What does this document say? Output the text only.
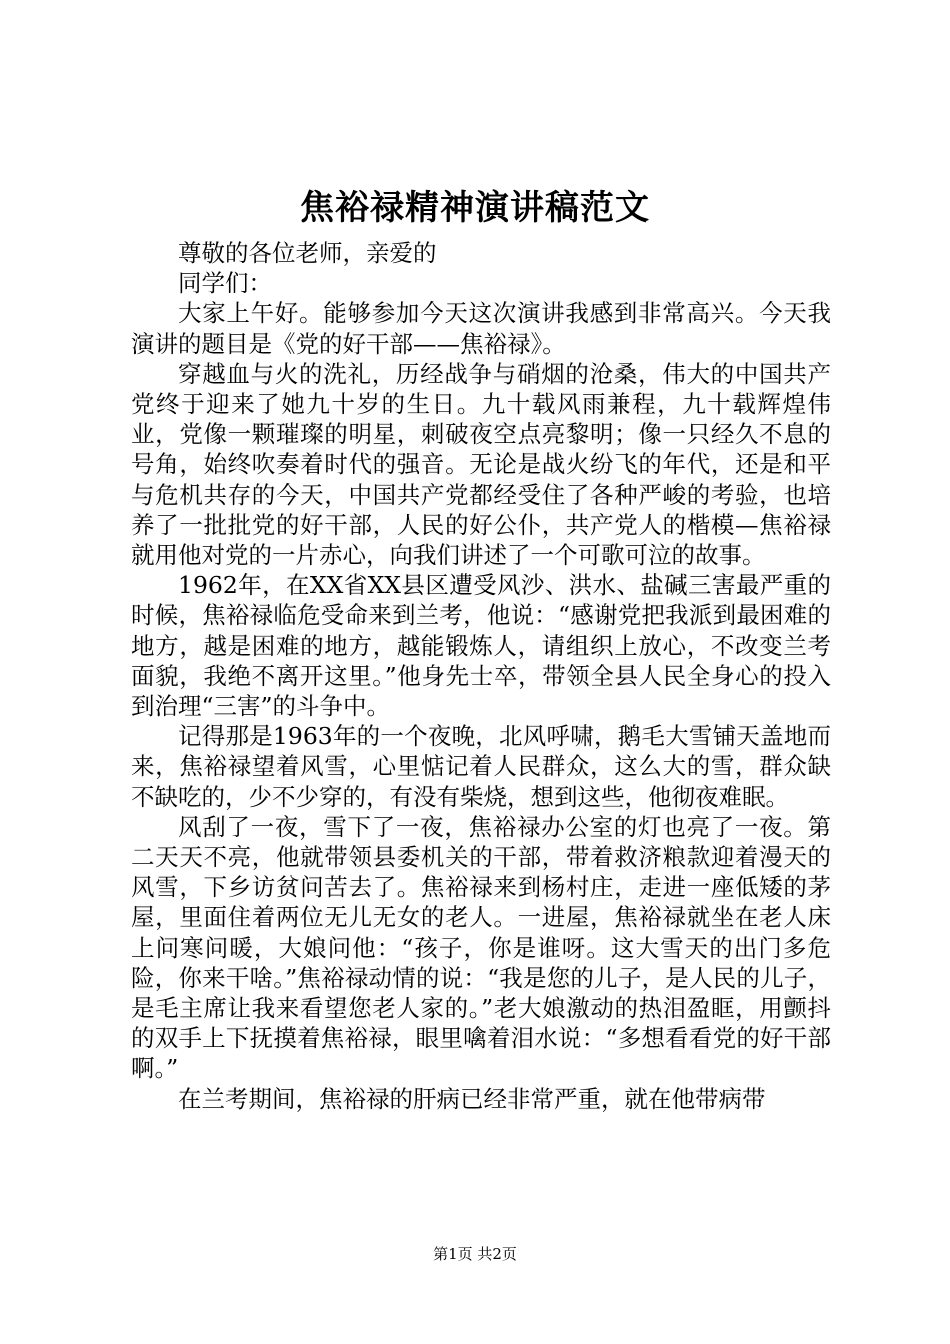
焦裕禄精神演讲稿范文

尊敬的各位老师，亲爱的

同学们：

大家上午好。能够参加今天这次演讲我感到非常高兴。今天我演讲的题目是《党的好干部——焦裕禄》。

穿越血与火的洗礼，历经战争与硝烟的沧桑，伟大的中国共产党终于迎来了她九十岁的生日。九十载风雨兼程，九十载辉煌伟业，党像一颗璀璨的明星，刺破夜空点亮黎明；像一只经久不息的号角，始终吹奏着时代的强音。无论是战火纷飞的年代，还是和平与危机共存的今天，中国共产党都经受住了各种严峻的考验，也培养了一批批党的好干部，人民的好公仆，共产党人的楷模—焦裕禄就用他对党的一片赤心，向我们讲述了一个可歌可泣的故事。

1962年，在XX省XX县区遭受风沙、洪水、盐碱三害最严重的时候，焦裕禄临危受命来到兰考，他说：“感谢党把我派到最困难的地方，越是困难的地方，越能锻炼人，请组织上放心，不改变兰考面貌，我绝不离开这里。”他身先士卒，带领全县人民全身心的投入到治理“三害”的斗争中。

记得那是1963年的一个夜晚，北风呼啸，鹅毛大雪铺天盖地而来，焦裕禄望着风雪，心里惦记着人民群众，这么大的雪，群众缺不缺吃的，少不少穿的，有没有柴烧，想到这些，他彻夜难眠。

风刮了一夜，雪下了一夜，焦裕禄办公室的灯也亮了一夜。第二天天不亮，他就带领县委机关的干部，带着救济粮款迎着漫天的风雪，下乡访贫问苦去了。焦裕禄来到杨村庄，走进一座低矮的茅屋，里面住着两位无儿无女的老人。一进屋，焦裕禄就坐在老人床上问寒问暖，大娘问他：“孩子，你是谁呀。这大雪天的出门多危险，你来干啥。”焦裕禄动情的说：“我是您的儿子，是人民的儿子，是毛主席让我来看望您老人家的。”老大娘激动的热泪盈眶，用颤抖的双手上下抚摸着焦裕禄，眼里噙着泪水说：“多想看看党的好干部啊。”

在兰考期间，焦裕禄的肝病已经非常严重，就在他带病带

第1页 共2页
